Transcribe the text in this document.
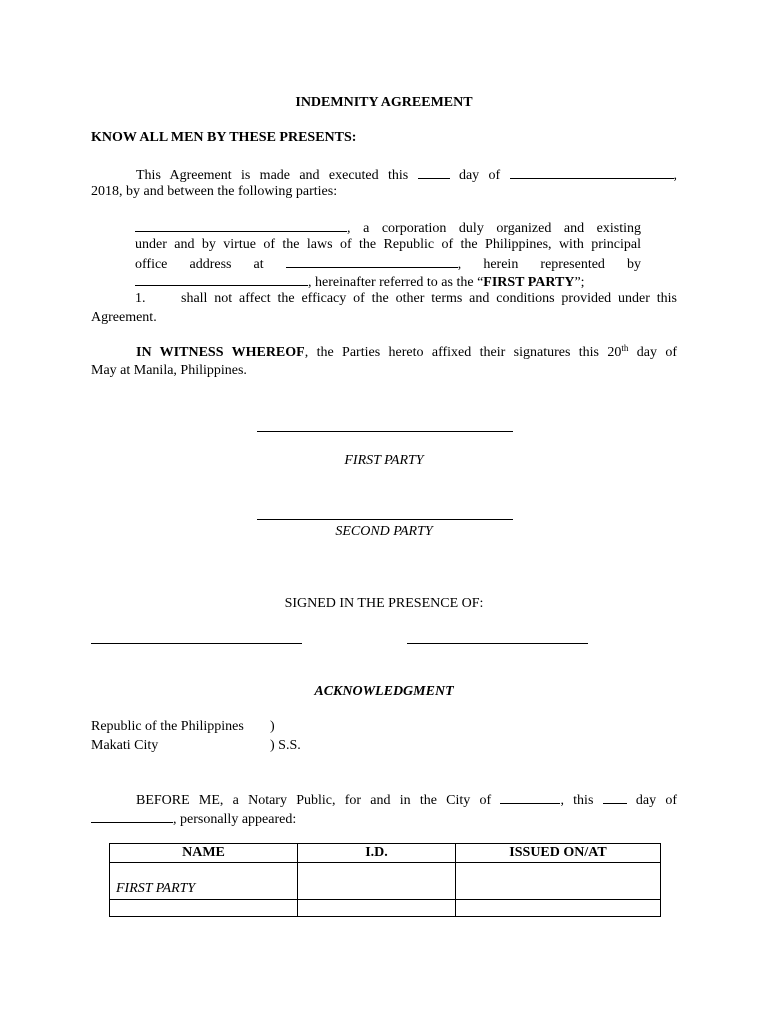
INDEMNITY AGREEMENT
KNOW ALL MEN BY THESE PRESENTS:
This Agreement is made and executed this	day of	,
2018, by and between the following parties:
, a corporation duly organized and existing
under and by virtue of the laws of the Republic of the Philippines, with principal
office address at	, herein represented by
, hereinafter referred to as the “FIRST PARTY”;
1.	shall not affect the efficacy of the other terms and conditions provided under this
Agreement.
IN WITNESS WHEREOF, the Parties hereto affixed their signatures this 20th day of
May at Manila, Philippines.
FIRST PARTY
SECOND PARTY
SIGNED IN THE PRESENCE OF:
ACKNOWLEDGMENT
Republic of the Philippines )
Makati City	) S.S.
BEFORE ME, a Notary Public, for and in the City of	, this	day of
, personally appeared:
NAME	I.D.	ISSUED ON/AT
FIRST PARTY		
